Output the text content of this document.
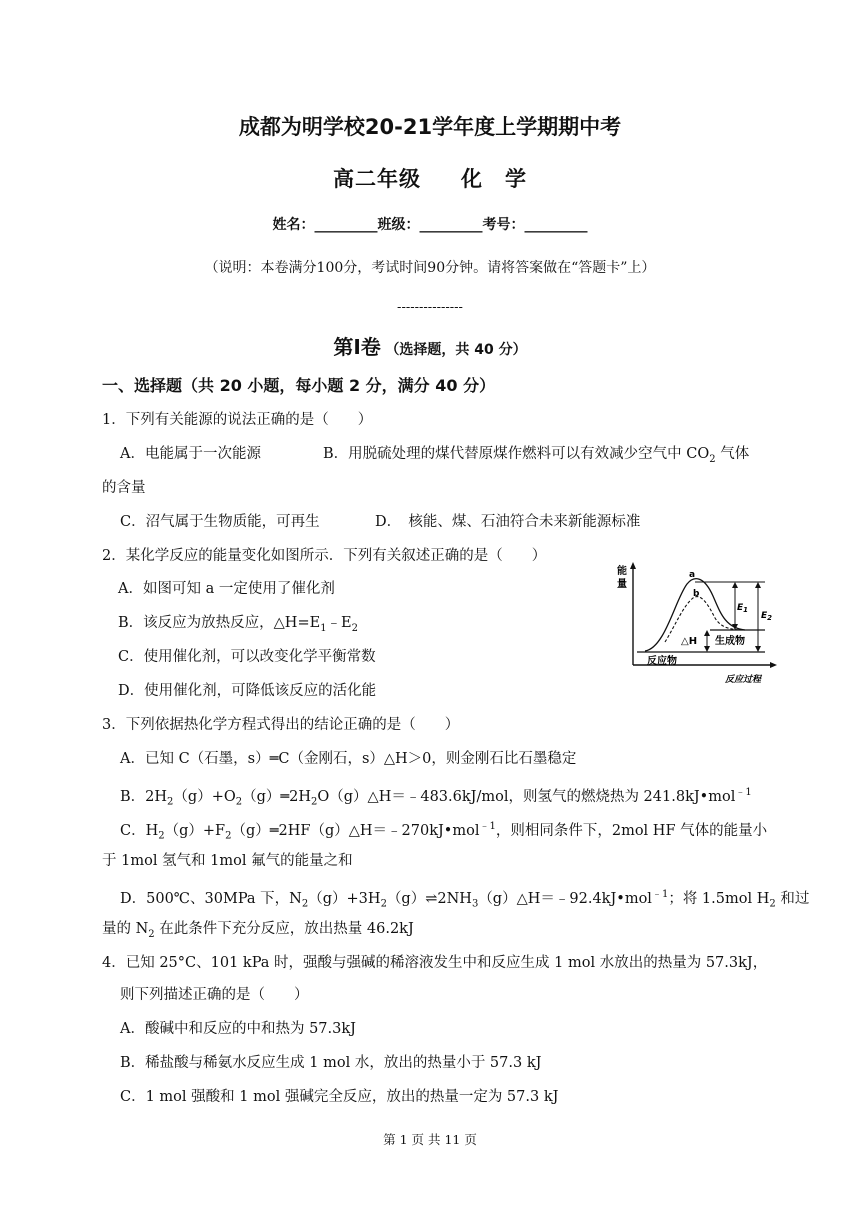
成都为明学校20-21学年度上学期期中考
高二年级 化　学
姓名：_________班级：_________考号：_________
（说明：本卷满分100分，考试时间90分钟。请将答案做在“答题卡”上）
---------------
第Ⅰ卷 （选择题，共 40 分）
一、选择题（共 20 小题，每小题 2 分，满分 40 分）
1．下列有关能源的说法正确的是（　　）
A．电能属于一次能源	B．用脱硫处理的煤代替原煤作燃料可以有效减少空气中 $CO_2$ 气体
的含量
C．沼气属于生物质能，可再生	D．　核能、煤、石油符合未来新能源标准
2．某化学反应的能量变化如图所示．下列有关叙述正确的是（　　）
A．如图可知 a 一定使用了催化剂
B．该反应为放热反应，$\triangle H=E_1﹣E_2$
C．使用催化剂，可以改变化学平衡常数
D．使用催化剂，可降低该反应的活化能
能
量
反应过程
反应物
a
b
$E_1$
$E_2$
△H 生成物
3．下列依据热化学方程式得出的结论正确的是（　　）
A．已知 C（石墨，s）═C（金刚石，s）△H＞0，则金刚石比石墨稳定
B．$2H_2(g)+O_2(g)═2H_2O(g)\triangle H=﹣483.6kJ$/mol，则氢气的燃烧热为 241.8kJ•mol$^{﹣1}$
C．$H_2(g)+F_2(g)═2HF(g)\triangle H=﹣270kJ•mol^{﹣1}$，则相同条件下，2mol HF 气体的能量小
于 1mol 氢气和 1mol 氟气的能量之和
D．500℃、30MPa 下，$N_2(g)+3H_2(g)\rightleftharpoons 2NH_3(g)\triangle H=﹣92.4kJ•mol^{﹣1}$；将 1.5mol $H_2$ 和过
量的 $N_2$ 在此条件下充分反应，放出热量 46.2kJ
4．已知 25°C、101 kPa 时，强酸与强碱的稀溶液发生中和反应生成 1 mol 水放出的热量为 57.3kJ，
则下列描述正确的是（　　）
A．酸碱中和反应的中和热为 57.3kJ
B．稀盐酸与稀氨水反应生成 1 mol 水，放出的热量小于 57.3 kJ
C．1 mol 强酸和 1 mol 强碱完全反应，放出的热量一定为 57.3 kJ
第 1 页 共 11 页
